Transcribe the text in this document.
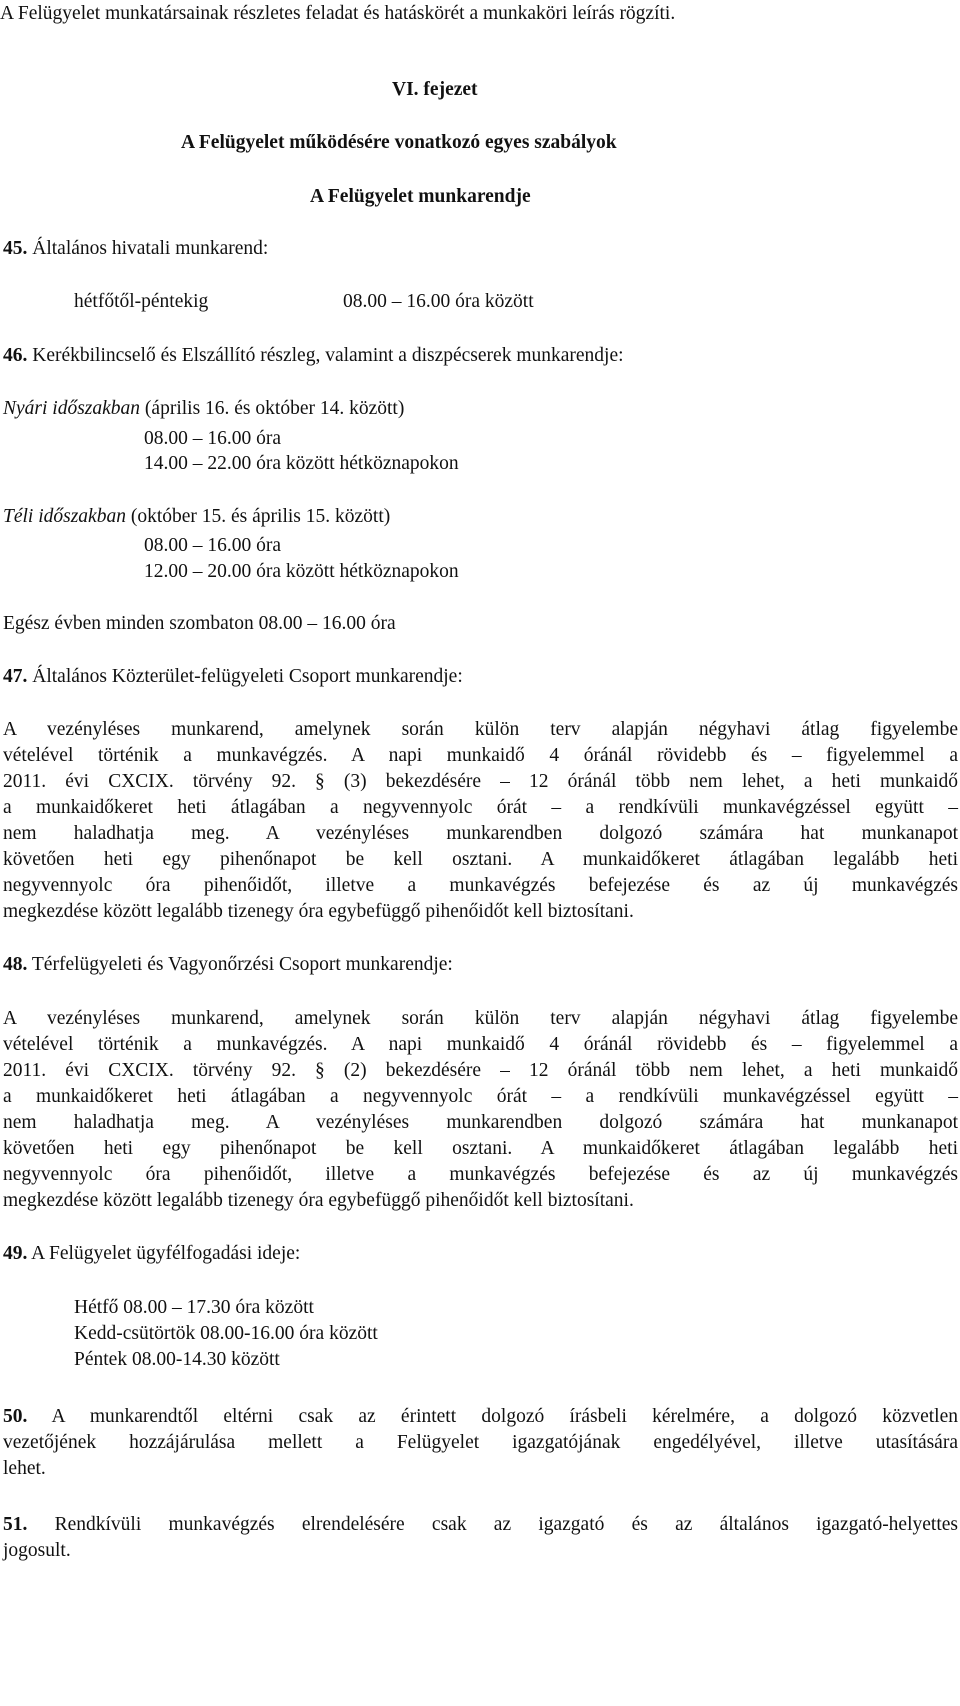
A Felügyelet munkatársainak részletes feladat és hatáskörét a munkaköri leírás rögzíti.
VI. fejezet
A Felügyelet működésére vonatkozó egyes szabályok
A Felügyelet munkarendje
45. Általános hivatali munkarend:
hétfőtől-péntekig	08.00 – 16.00 óra között
46. Kerékbilincselő és Elszállító részleg, valamint a diszpécserek munkarendje:
Nyári időszakban (április 16. és október 14. között)
08.00 – 16.00 óra
14.00 – 22.00 óra között hétköznapokon
Téli időszakban (október 15. és április 15. között)
08.00 – 16.00 óra
12.00 – 20.00 óra között hétköznapokon
Egész évben minden szombaton 08.00 – 16.00 óra
47. Általános Közterület-felügyeleti Csoport munkarendje:
A vezényléses munkarend, amelynek során külön terv alapján négyhavi átlag figyelembe
vételével történik a munkavégzés. A napi munkaidő 4 óránál rövidebb és – figyelemmel a
2011. évi CXCIX. törvény 92. § (3) bekezdésére – 12 óránál több nem lehet, a heti munkaidő
a munkaidőkeret heti átlagában a negyvennyolc órát – a rendkívüli munkavégzéssel együtt –
nem haladhatja meg. A vezényléses munkarendben dolgozó számára hat munkanapot
követően heti egy pihenőnapot be kell osztani. A munkaidőkeret átlagában legalább heti
negyvennyolc óra pihenőidőt, illetve a munkavégzés befejezése és az új munkavégzés
megkezdése között legalább tizenegy óra egybefüggő pihenőidőt kell biztosítani.
48. Térfelügyeleti és Vagyonőrzési Csoport munkarendje:
A vezényléses munkarend, amelynek során külön terv alapján négyhavi átlag figyelembe
vételével történik a munkavégzés. A napi munkaidő 4 óránál rövidebb és – figyelemmel a
2011. évi CXCIX. törvény 92. § (2) bekezdésére – 12 óránál több nem lehet, a heti munkaidő
a munkaidőkeret heti átlagában a negyvennyolc órát – a rendkívüli munkavégzéssel együtt –
nem haladhatja meg. A vezényléses munkarendben dolgozó számára hat munkanapot
követően heti egy pihenőnapot be kell osztani. A munkaidőkeret átlagában legalább heti
negyvennyolc óra pihenőidőt, illetve a munkavégzés befejezése és az új munkavégzés
megkezdése között legalább tizenegy óra egybefüggő pihenőidőt kell biztosítani.
49. A Felügyelet ügyfélfogadási ideje:
Hétfő 08.00 – 17.30 óra között
Kedd-csütörtök 08.00-16.00 óra között
Péntek 08.00-14.30 között
50. A munkarendtől eltérni csak az érintett dolgozó írásbeli kérelmére, a dolgozó közvetlen
vezetőjének hozzájárulása mellett a Felügyelet igazgatójának engedélyével, illetve utasítására
lehet.
51. Rendkívüli munkavégzés elrendelésére csak az igazgató és az általános igazgató-helyettes
jogosult.
